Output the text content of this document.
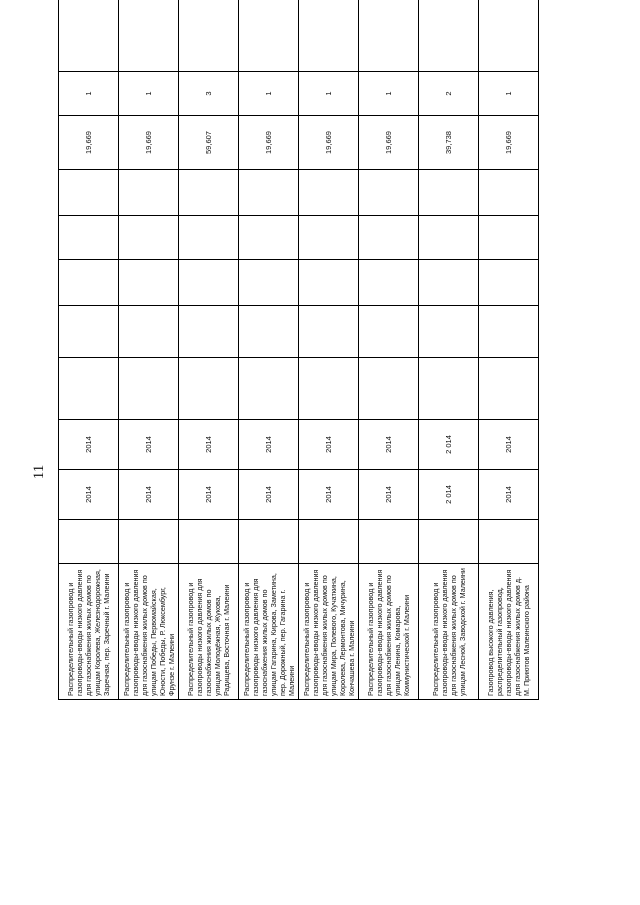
11
Распределительный газопровод и газопроводы-вводы низкого давления для газоснабжения жилых домов по улицам Королева, Железнодорожная, Заречная, пер. Заречный г. Малеини		2014	2014						19,669	1	
Распределительный газопровод и газопроводы-вводы низкого давления для газоснабжения жилых домов по улицам Победы, Первомайская, Юности, Победы, Р. Люксембург, Фрунзе г. Малеини		2014	2014						19,669	1	
Распределительный газопровод и газопроводы низкого давления для газоснабжения жилых домов по улицам Молодёжная, Жукова, Радищева, Восточная г. Малеини		2014	2014						59,607	3	
Распределительный газопровод и газопроводы низкого давления для газоснабжения жилых домов по улицам Гагарина, Кирова, Заметина, пер. Дорожный, пер. Гагарина г. Малеини		2014	2014						19,669	1	
Распределительный газопровод и газопроводы-вводы низкого давления для газоснабжения жилых домов по улицам Мира, Полевого, Кучаткина, Королева, Лермонтова, Мичурина, Кончашева г. Малеини		2014	2014						19,669	1	
Распределительный газопровод и газопроводы-вводы низкого давления для газоснабжения жилых домов по улицам Ленина, Комарова, Коммунистической г. Малеини		2014	2014						19,669	1	
Распределительный газопровод и газопроводы-вводы низкого давления для газоснабжения жилых домов по улицам Лесной, Заводской г. Малеини		2 014	2 014						39,738	2	
Газопровод высокого давления, распределительный газопровод, газопроводы-вводы низкого давления для газоснабжения жилых домов д. М. Приютов Малеинского района		2014	2014						19,669	1	
